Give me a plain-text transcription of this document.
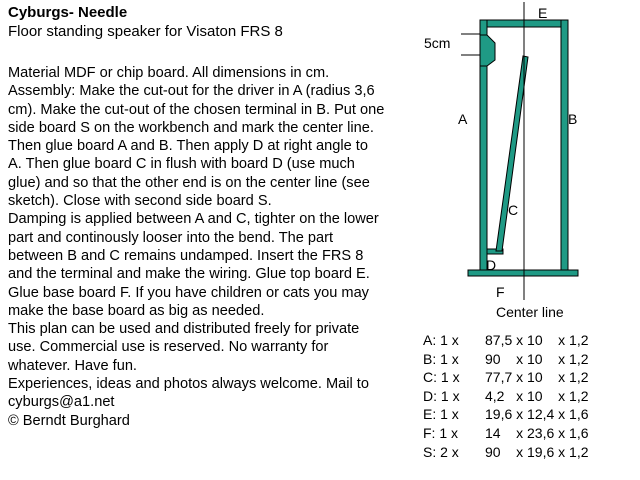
Cyburgs- Needle

Floor standing speaker for Visaton FRS 8

Material MDF or chip board. All dimensions in cm.
Assembly: Make the cut-out for the driver in A (radius 3,6
cm). Make the cut-out of the chosen terminal in B. Put one
side board S on the workbench and mark the center line.
Then glue board A and B. Then apply D at right angle to
A. Then glue board C in flush with board D (use much
glue) and so that the other end is on the center line (see
sketch). Close with second side board S.
Damping is applied between A and C, tighter on the lower
part and continously looser into the bend. The part
between B and C remains undamped. Insert the FRS 8
and the terminal and make the wiring. Glue top board E.
Glue base board F. If you have children or cats you may
make the base board as big as needed.
This plan can be used and distributed freely for private
use. Commercial use is reserved. No warranty for
whatever. Have fun.
Experiences, ideas and photos always welcome. Mail to
cyburgs@a1.net
© Berndt Burghard

E
5cm
A	B
C
D
F
Center line
A: 1 x	87,5 x 10    x 1,2
B: 1 x	90    x 10    x 1,2
C: 1 x	77,7 x 10    x 1,2
D: 1 x	4,2   x 10    x 1,2
E: 1 x	19,6 x 12,4 x 1,6
F: 1 x	14    x 23,6 x 1,6
S: 2 x	90    x 19,6 x 1,2
